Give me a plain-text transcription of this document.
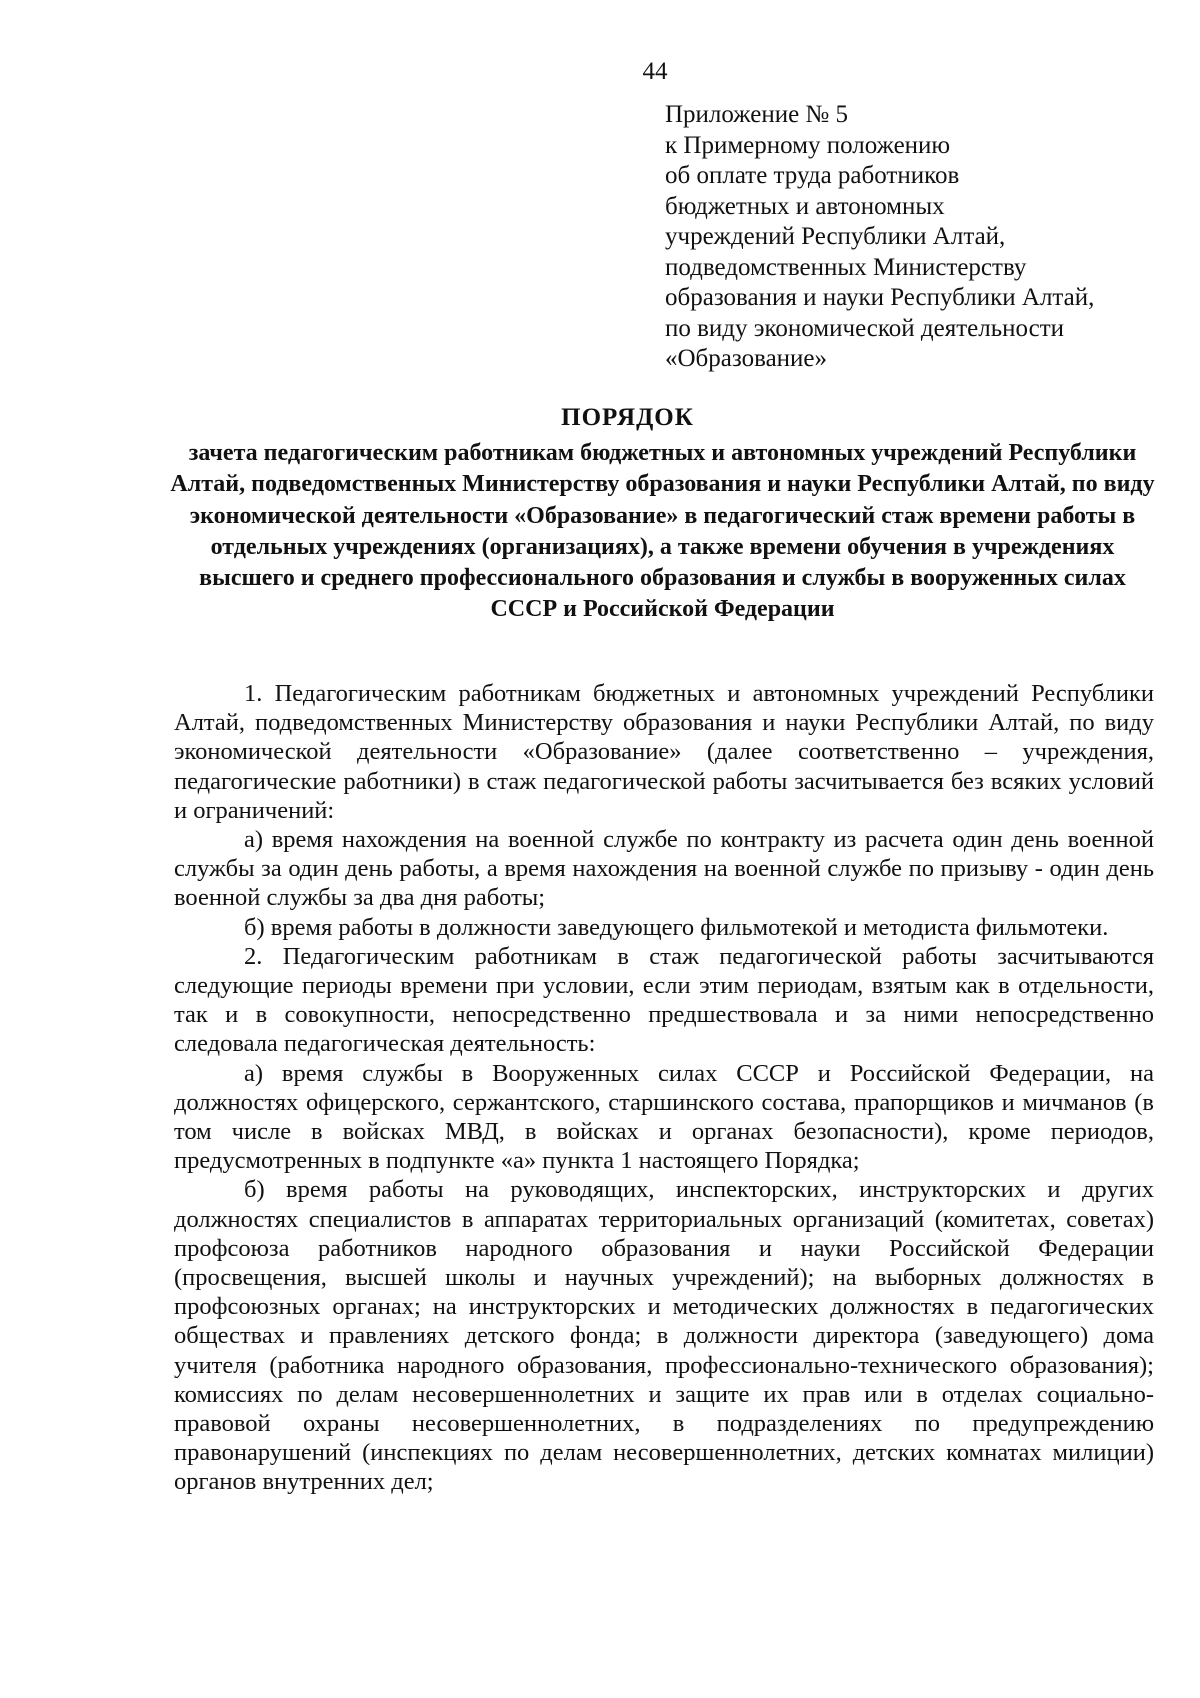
44
Приложение № 5
к Примерному положению
об оплате труда работников
бюджетных и автономных
учреждений Республики Алтай,
подведомственных Министерству
образования и науки Республики Алтай,
по виду экономической деятельности
«Образование»
ПОРЯДОК
зачета педагогическим работникам бюджетных и автономных учреждений Республики Алтай, подведомственных Министерству образования и науки Республики Алтай, по виду экономической деятельности «Образование» в педагогический стаж времени работы в отдельных учреждениях (организациях), а также времени обучения в учреждениях высшего и среднего профессионального образования и службы в вооруженных силах СССР и Российской Федерации

1. Педагогическим работникам бюджетных и автономных учреждений Республики Алтай, подведомственных Министерству образования и науки Республики Алтай, по виду экономической деятельности «Образование» (далее соответственно – учреждения, педагогические работники) в стаж педагогической работы засчитывается без всяких условий и ограничений:

а) время нахождения на военной службе по контракту из расчета один день военной службы за один день работы, а время нахождения на военной службе по призыву - один день военной службы за два дня работы;

б) время работы в должности заведующего фильмотекой и методиста фильмотеки.

2. Педагогическим работникам в стаж педагогической работы засчитываются следующие периоды времени при условии, если этим периодам, взятым как в отдельности, так и в совокупности, непосредственно предшествовала и за ними непосредственно следовала педагогическая деятельность:

а) время службы в Вооруженных силах СССР и Российской Федерации, на должностях офицерского, сержантского, старшинского состава, прапорщиков и мичманов (в том числе в войсках МВД, в войсках и органах безопасности), кроме периодов, предусмотренных в подпункте «а» пункта 1 настоящего Порядка;

б) время работы на руководящих, инспекторских, инструкторских и других должностях специалистов в аппаратах территориальных организаций (комитетах, советах) профсоюза работников народного образования и науки Российской Федерации (просвещения, высшей школы и научных учреждений); на выборных должностях в профсоюзных органах; на инструкторских и методических должностях в педагогических обществах и правлениях детского фонда; в должности директора (заведующего) дома учителя (работника народного образования, профессионально-технического образования); комиссиях по делам несовершеннолетних и защите их прав или в отделах социально-правовой охраны несовершеннолетних, в подразделениях по предупреждению правонарушений (инспекциях по делам несовершеннолетних, детских комнатах милиции) органов внутренних дел;
